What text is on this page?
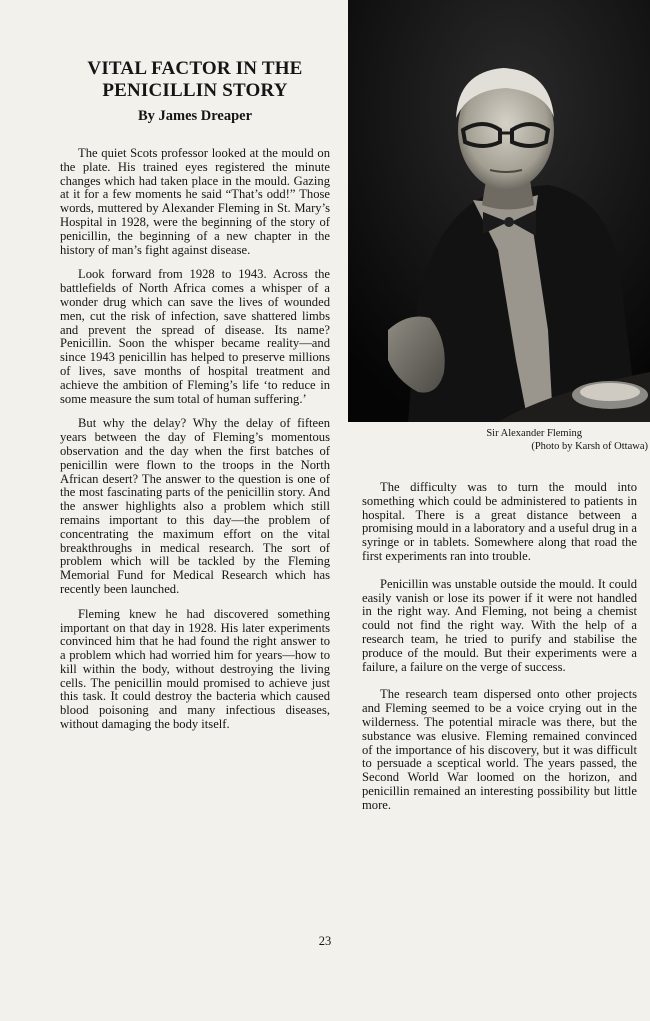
VITAL FACTOR IN THE
PENICILLIN STORY
By James Dreaper

The quiet Scots professor looked at the mould on the plate. His trained eyes registered the minute changes which had taken place in the mould. Gazing at it for a few moments he said “That’s odd!” Those words, muttered by Alexander Fleming in St. Mary’s Hospital in 1928, were the beginning of the story of penicillin, the beginning of a new chapter in the history of man’s fight against disease.

Look forward from 1928 to 1943. Across the battlefields of North Africa comes a whisper of a wonder drug which can save the lives of wounded men, cut the risk of infection, save shattered limbs and prevent the spread of disease. Its name? Penicillin. Soon the whisper became reality—and since 1943 penicillin has helped to preserve millions of lives, save months of hospital treatment and achieve the ambition of Fleming’s life ‘to reduce in some measure the sum total of human suffering.’

But why the delay? Why the delay of fifteen years between the day of Fleming’s momentous observation and the day when the first batches of penicillin were flown to the troops in the North African desert? The answer to the question is one of the most fascinating parts of the penicillin story. And the answer highlights also a problem which still remains important to this day—the problem of concentrating the maximum effort on the vital breakthroughs in medical research. The sort of problem which will be tackled by the Fleming Memorial Fund for Medical Research which has recently been launched.

Fleming knew he had discovered something important on that day in 1928. His later experiments convinced him that he had found the right answer to a problem which had worried him for years—how to kill within the body, without destroying the living cells. The penicillin mould promised to achieve just this task. It could destroy the bacteria which caused blood poisoning and many infectious diseases, without damaging the body itself.

Sir Alexander Fleming
(Photo by Karsh of Ottawa)

The difficulty was to turn the mould into something which could be administered to patients in hospital. There is a great distance between a promising mould in a laboratory and a useful drug in a syringe or in tablets. Somewhere along that road the first experiments ran into trouble.

Penicillin was unstable outside the mould. It could easily vanish or lose its power if it were not handled in the right way. And Fleming, not being a chemist could not find the right way. With the help of a research team, he tried to purify and stabilise the produce of the mould. But their experiments were a failure, a failure on the verge of success.

The research team dispersed onto other projects and Fleming seemed to be a voice crying out in the wilderness. The potential miracle was there, but the substance was elusive. Fleming remained convinced of the importance of his discovery, but it was difficult to persuade a sceptical world. The years passed, the Second World War loomed on the horizon, and penicillin remained an interesting possibility but little more.

23
